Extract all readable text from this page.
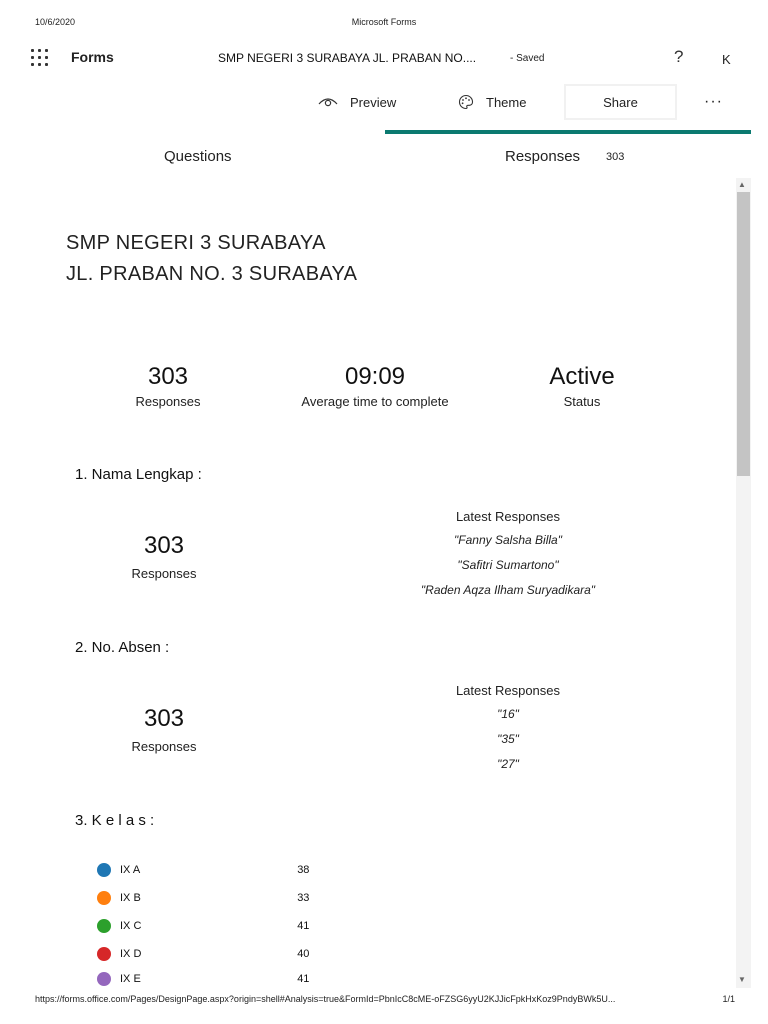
10/6/2020	Microsoft Forms
https://forms.office.com/Pages/DesignPage.aspx?origin=shell#Analysis=true&FormId=PbnIcC8cME-oFZSG6yyU2KJJicFpkHxKoz9PndyBWk5U...	1/1
Forms	SMP NEGERI 3 SURABAYA JL. PRABAN NO....	- Saved	?	K
Preview	Theme	Share	···
Questions	Responses 303
▲
▼
SMP NEGERI 3 SURABAYA
JL. PRABAN NO. 3 SURABAYA
303
Responses
09:09
Average time to complete
Active
Status
1. Nama Lengkap :
303
Responses
Latest Responses
"Fanny Salsha Billa"
"Safitri Sumartono"
"Raden Aqza Ilham Suryadikara"
2. No. Absen :
303
Responses
Latest Responses
"16"
"35"
"27"
3. K e l a s :
IX A	38
IX B	33
IX C	41
IX D	40
IX E	41
